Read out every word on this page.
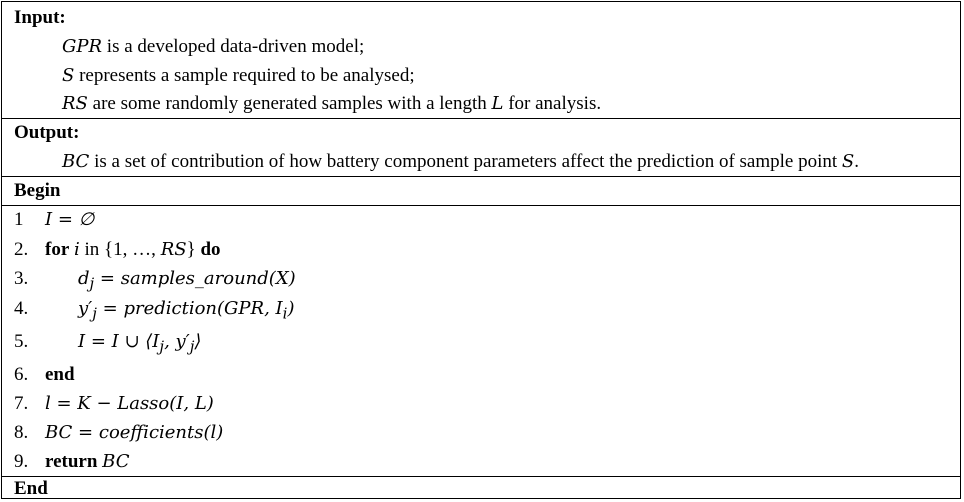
Input:
GPR is a developed data-driven model;
S represents a sample required to be analysed;
RS are some randomly generated samples with a length L for analysis.
Output:
BC is a set of contribution of how battery component parameters affect the prediction of sample point S.
Begin
1 I = ∅
2. for i in {1, …, RS} do
3.	$d_j$ = samples_around(X)
4.	$y'_j$ = prediction(GPR, $I_i$)
5.	I = I ∪ $⟨I_j$, $y'_j⟩$
6. end
7. l = K − Lasso(I, L)
8. BC = coefficients(l)
9. return BC
End
